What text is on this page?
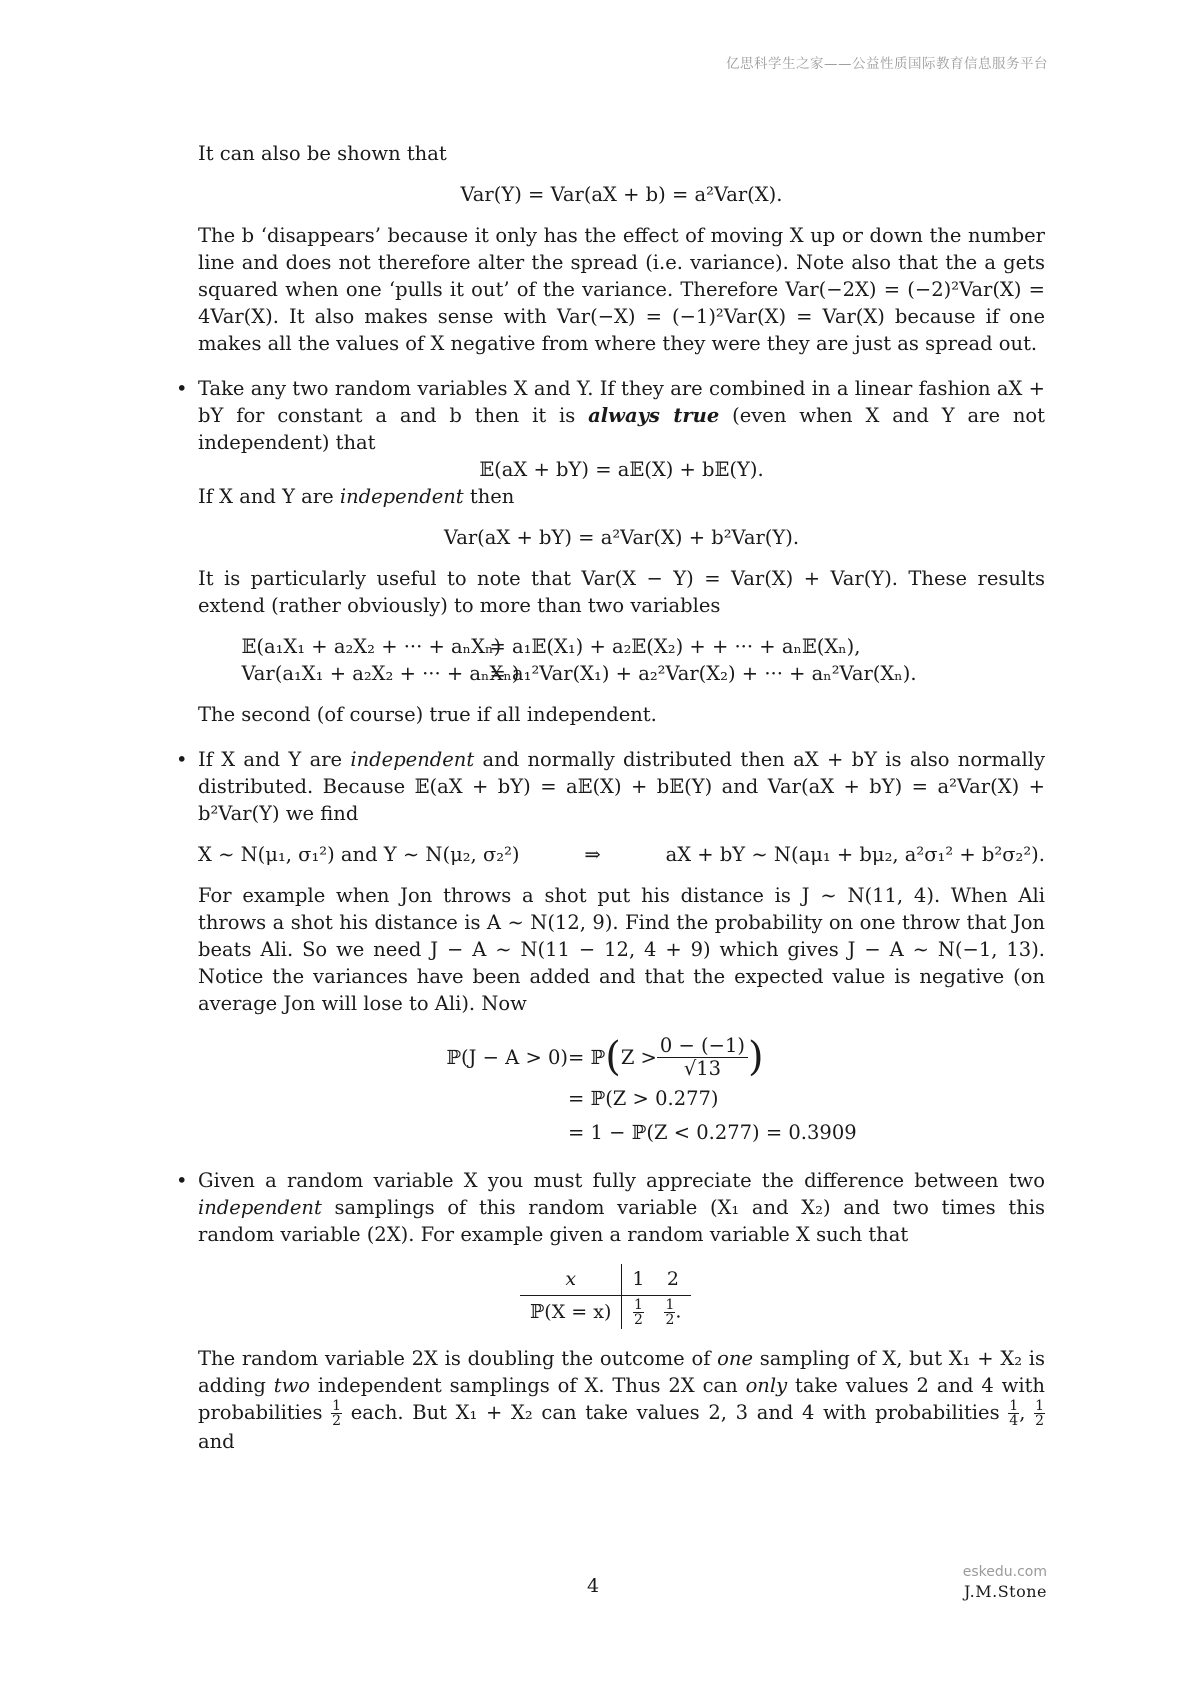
亿思科学生之家——公益性质国际教育信息服务平台

It can also be shown that

Var(Y) = Var(aX + b) = a²Var(X).

The b ‘disappears’ because it only has the effect of moving X up or down the number line and does not therefore alter the spread (i.e. variance). Note also that the a gets squared when one ‘pulls it out’ of the variance. Therefore Var(−2X) = (−2)²Var(X) = 4Var(X). It also makes sense with Var(−X) = (−1)²Var(X) = Var(X) because if one makes all the values of X negative from where they were they are just as spread out.

• Take any two random variables X and Y. If they are combined in a linear fashion aX + bY for constant a and b then it is always true (even when X and Y are not independent) that

𝔼(aX + bY) = a𝔼(X) + b𝔼(Y).

If X and Y are independent then

Var(aX + bY) = a²Var(X) + b²Var(Y).

It is particularly useful to note that Var(X − Y) = Var(X) + Var(Y). These results extend (rather obviously) to more than two variables

𝔼(a₁X₁ + a₂X₂ + ··· + aₙXₙ)
= a₁𝔼(X₁) + a₂𝔼(X₂) + + ··· + aₙ𝔼(Xₙ),
Var(a₁X₁ + a₂X₂ + ··· + aₙXₙ)
= a₁²Var(X₁) + a₂²Var(X₂) + ··· + aₙ²Var(Xₙ).

The second (of course) true if all independent.

• If X and Y are independent and normally distributed then aX + bY is also normally distributed. Because 𝔼(aX + bY) = a𝔼(X) + b𝔼(Y) and Var(aX + bY) = a²Var(X) + b²Var(Y) we find

X ∼ N(μ₁, σ₁²) and Y ∼ N(μ₂, σ₂²)	⇒	aX + bY ∼ N(aμ₁ + bμ₂, a²σ₁² + b²σ₂²).

For example when Jon throws a shot put his distance is J ∼ N(11, 4). When Ali throws a shot his distance is A ∼ N(12, 9). Find the probability on one throw that Jon beats Ali. So we need J − A ∼ N(11 − 12, 4 + 9) which gives J − A ∼ N(−1, 13). Notice the variances have been added and that the expected value is negative (on average Jon will lose to Ali). Now

ℙ(J − A > 0) = ℙ ( $Z > \frac{0 - (-1)}{√13}$ )
= ℙ(Z > 0.277)
= 1 − ℙ(Z < 0.277) = 0.3909

• Given a random variable X you must fully appreciate the difference between two independent samplings of this random variable (X₁ and X₂) and two times this random variable (2X). For example given a random variable X such that

x	1	2
ℙ(X = x)	$\frac{1}{2}$	$\frac{1}{2}$ .

The random variable 2X is doubling the outcome of one sampling of X, but X₁ + X₂ is adding two independent samplings of X. Thus 2X can only take values 2 and 4 with probabilities $\frac{1}{2}$ each. But X₁ + X₂ can take values 2, 3 and 4 with probabilities $\frac{1}{4}$ , $\frac{1}{2}$
and

4
eskedu.com
J.M.Stone
